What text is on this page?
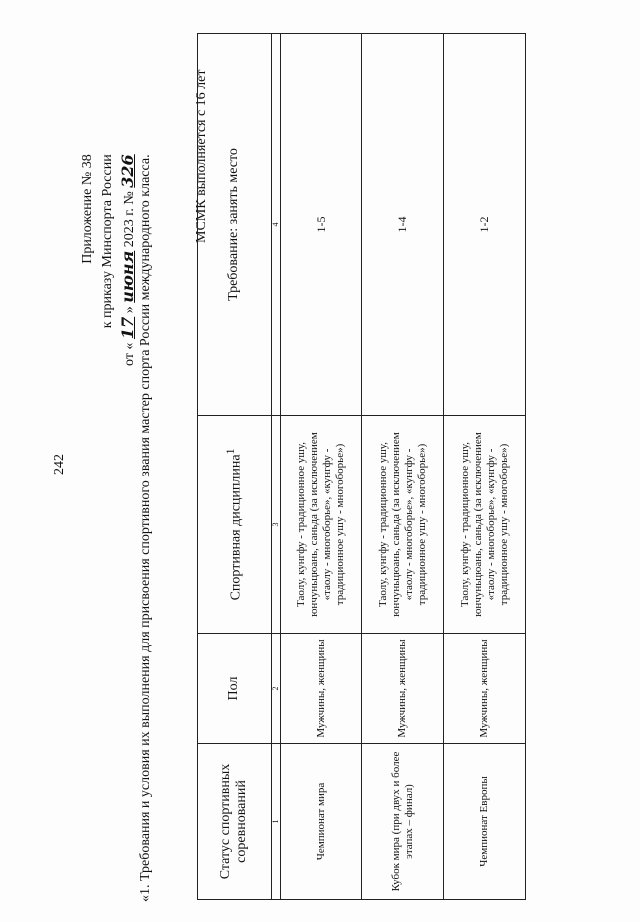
242
Приложение № 38 к приказу Минспорта России
от « 17 » июня 2023 г. № 326 «1. Требования и условия их выполнения для присвоения спортивного звания мастер спорта России международного класса.	МСМК выполняется с 16 лет
Статус спортивных соревнований	Пол	Спортивная дисциплина$^1$	Требование: занять место
1	2	3	4
Чемпионат мира	Мужчины, женщины	Таолу, кунгфу - традиционное ушу, юнчуньцюань, саньда (за исключением «таолу - многоборье», «кунгфу - традиционное ушу - многоборье»)	1-5
Кубок мира (при двух и более этапах – финал)	Мужчины, женщины	Таолу, кунгфу - традиционное ушу, юнчуньцюань, саньда (за исключением «таолу - многоборье», «кунгфу - традиционное ушу - многоборье»)	1-4
Чемпионат Европы	Мужчины, женщины	Таолу, кунгфу - традиционное ушу, юнчуньцюань, саньда (за исключением «таолу - многоборье», «кунгфу - традиционное ушу - многоборье»)	1-2
